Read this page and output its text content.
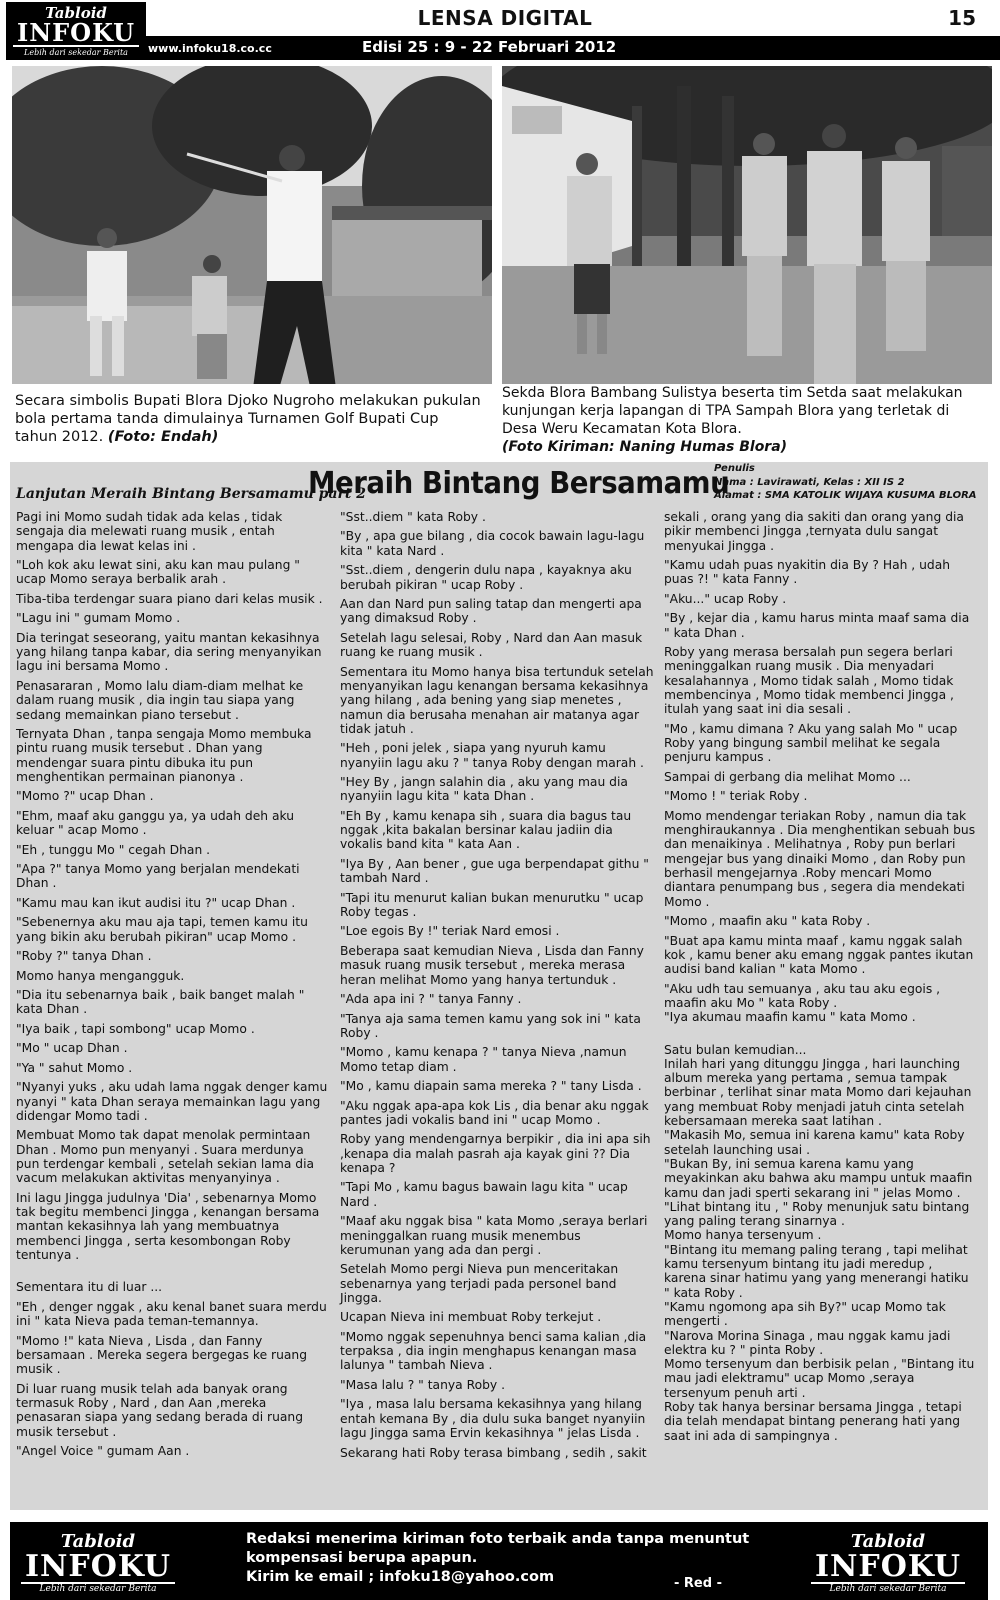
Tabloid
INFOKU
Lebih dari sekedar Berita
LENSA DIGITAL	15
www.infoku18.co.cc	Edisi 25 : 9 - 22 Februari 2012
Secara simbolis Bupati Blora Djoko Nugroho melakukan pukulan bola pertama tanda dimulainya Turnamen Golf Bupati Cup tahun 2012. (Foto: Endah)
Sekda Blora Bambang Sulistya beserta tim Setda saat melakukan kunjungan kerja lapangan di TPA Sampah Blora yang terletak di Desa Weru Kecamatan Kota Blora.
(Foto Kiriman: Naning Humas Blora)
Lanjutan Meraih Bintang Bersamamu part 2
Meraih Bintang Bersamamu
Penulis
Nama : Lavirawati, Kelas : XII IS 2
Alamat : SMA KATOLIK WIJAYA KUSUMA BLORA

Pagi ini Momo sudah tidak ada kelas , tidak sengaja dia melewati ruang musik , entah mengapa dia lewat kelas ini .

"Loh kok aku lewat sini, aku kan mau pulang " ucap Momo seraya berbalik arah .

Tiba-tiba terdengar suara piano dari kelas musik .

"Lagu ini " gumam Momo .

Dia teringat seseorang, yaitu mantan kekasihnya yang hilang tanpa kabar, dia sering menyanyikan lagu ini bersama Momo .

Penasararan , Momo lalu diam-diam melhat ke dalam ruang musik , dia ingin tau siapa yang sedang memainkan piano tersebut .

Ternyata Dhan , tanpa sengaja Momo membuka pintu ruang musik tersebut . Dhan yang mendengar suara pintu dibuka itu pun menghentikan permainan pianonya .

"Momo ?" ucap Dhan .

"Ehm, maaf aku ganggu ya, ya udah deh aku keluar " acap Momo .

"Eh , tunggu Mo " cegah Dhan .

"Apa ?" tanya Momo yang berjalan mendekati Dhan .

"Kamu mau kan ikut audisi itu ?" ucap Dhan .

"Sebenernya aku mau aja tapi, temen kamu itu yang bikin aku berubah pikiran" ucap Momo .

"Roby ?" tanya Dhan .

Momo hanya mengangguk.

"Dia itu sebenarnya baik , baik banget malah " kata Dhan .

"Iya baik , tapi sombong" ucap Momo .

"Mo " ucap Dhan .

"Ya " sahut Momo .

"Nyanyi yuks , aku udah lama nggak denger kamu nyanyi " kata Dhan seraya memainkan lagu yang didengar Momo tadi .

Membuat Momo tak dapat menolak permintaan Dhan . Momo pun menyanyi . Suara merdunya pun terdengar kembali , setelah sekian lama dia vacum melakukan aktivitas menyanyinya .

Ini lagu Jingga judulnya 'Dia' , sebenarnya Momo tak begitu membenci Jingga , kenangan bersama mantan kekasihnya lah yang membuatnya membenci Jingga , serta kesombongan Roby tentunya .

Sementara itu di luar ...

"Eh , denger nggak , aku kenal banet suara merdu ini " kata Nieva pada teman-temannya.

"Momo !" kata Nieva , Lisda , dan Fanny bersamaan . Mereka segera bergegas ke ruang musik .

Di luar ruang musik telah ada banyak orang termasuk Roby , Nard , dan Aan ,mereka penasaran siapa yang sedang berada di ruang musik tersebut .

"Angel Voice " gumam Aan .

"Sst..diem " kata Roby .

"By , apa gue bilang , dia cocok bawain lagu-lagu kita " kata Nard .

"Sst..diem , dengerin dulu napa , kayaknya aku berubah pikiran " ucap Roby .

Aan dan Nard pun saling tatap dan mengerti apa yang dimaksud Roby .

Setelah lagu selesai, Roby , Nard dan Aan masuk ruang ke ruang musik .

Sementara itu Momo hanya bisa tertunduk setelah menyanyikan lagu kenangan bersama kekasihnya yang hilang , ada bening yang siap menetes , namun dia berusaha menahan air matanya agar tidak jatuh .

"Heh , poni jelek , siapa yang nyuruh kamu nyanyiin lagu aku ? " tanya Roby dengan marah .

"Hey By , jangn salahin dia , aku yang mau dia nyanyiin lagu kita " kata Dhan .

"Eh By , kamu kenapa sih , suara dia bagus tau nggak ,kita bakalan bersinar kalau jadiin dia vokalis band kita " kata Aan .

"Iya By , Aan bener , gue uga berpendapat githu " tambah Nard .

"Tapi itu menurut kalian bukan menurutku " ucap Roby tegas .

"Loe egois By !" teriak Nard emosi .

Beberapa saat kemudian Nieva , Lisda dan Fanny masuk ruang musik tersebut , mereka merasa heran melihat Momo yang hanya tertunduk .

"Ada apa ini ? " tanya Fanny .

"Tanya aja sama temen kamu yang sok ini " kata Roby .

"Momo , kamu kenapa ? " tanya Nieva ,namun Momo tetap diam .

"Mo , kamu diapain sama mereka ? " tany Lisda .

"Aku nggak apa-apa kok Lis , dia benar aku nggak pantes jadi vokalis band ini " ucap Momo .

Roby yang mendengarnya berpikir , dia ini apa sih ,kenapa dia malah pasrah aja kayak gini ?? Dia kenapa ?

"Tapi Mo , kamu bagus bawain lagu kita " ucap Nard .

"Maaf aku nggak bisa " kata Momo ,seraya berlari meninggalkan ruang musik menembus kerumunan yang ada dan pergi .

Setelah Momo pergi Nieva pun menceritakan sebenarnya yang terjadi pada personel band Jingga.

Ucapan Nieva ini membuat Roby terkejut .

"Momo nggak sepenuhnya benci sama kalian ,dia terpaksa , dia ingin menghapus kenangan masa lalunya " tambah Nieva .

"Masa lalu ? " tanya Roby .

"Iya , masa lalu bersama kekasihnya yang hilang entah kemana By , dia dulu suka banget nyanyiin lagu Jingga sama Ervin kekasihnya " jelas Lisda .

Sekarang hati Roby terasa bimbang , sedih , sakit

sekali , orang yang dia sakiti dan orang yang dia pikir membenci Jingga ,ternyata dulu sangat menyukai Jingga .

"Kamu udah puas nyakitin dia By ? Hah , udah puas ?! " kata Fanny .

"Aku..." ucap Roby .

"By , kejar dia , kamu harus minta maaf sama dia " kata Dhan .

Roby yang merasa bersalah pun segera berlari meninggalkan ruang musik . Dia menyadari kesalahannya , Momo tidak salah , Momo tidak membencinya , Momo tidak membenci Jingga , itulah yang saat ini dia sesali .

"Mo , kamu dimana ? Aku yang salah Mo " ucap Roby yang bingung sambil melihat ke segala penjuru kampus .

Sampai di gerbang dia melihat Momo ...

"Momo ! " teriak Roby .

Momo mendengar teriakan Roby , namun dia tak menghiraukannya . Dia menghentikan sebuah bus dan menaikinya . Melihatnya , Roby pun berlari mengejar bus yang dinaiki Momo , dan Roby pun berhasil mengejarnya .Roby mencari Momo diantara penumpang bus , segera dia mendekati Momo .

"Momo , maafin aku " kata Roby .

"Buat apa kamu minta maaf , kamu nggak salah kok , kamu bener aku emang nggak pantes ikutan audisi band kalian " kata Momo .

"Aku udh tau semuanya , aku tau aku egois , maafin aku Mo " kata Roby .

"Iya akumau maafin kamu " kata Momo .

Satu bulan kemudian...

Inilah hari yang ditunggu Jingga , hari launching album mereka yang pertama , semua tampak berbinar , terlihat sinar mata Momo dari kejauhan yang membuat Roby menjadi jatuh cinta setelah kebersamaan mereka saat latihan .

"Makasih Mo, semua ini karena kamu" kata Roby setelah launching usai .

"Bukan By, ini semua karena kamu yang meyakinkan aku bahwa aku mampu untuk maafin kamu dan jadi sperti sekarang ini " jelas Momo .

"Lihat bintang itu , " Roby menunjuk satu bintang yang paling terang sinarnya .

Momo hanya tersenyum .

"Bintang itu memang paling terang , tapi melihat kamu tersenyum bintang itu jadi meredup , karena sinar hatimu yang yang menerangi hatiku " kata Roby .

"Kamu ngomong apa sih By?" ucap Momo tak mengerti .

"Narova Morina Sinaga , mau nggak kamu jadi elektra ku ? " pinta Roby .

Momo tersenyum dan berbisik pelan , "Bintang itu mau jadi elektramu" ucap Momo ,seraya tersenyum penuh arti .

Roby tak hanya bersinar bersama Jingga , tetapi dia telah mendapat bintang penerang hati yang saat ini ada di sampingnya .

Tabloid
INFOKU
Lebih dari sekedar Berita
Redaksi menerima kiriman foto terbaik anda tanpa menuntut
kompensasi berupa apapun.
Kirim ke email ; infoku18@yahoo.com	- Red -
Tabloid
INFOKU
Lebih dari sekedar Berita
